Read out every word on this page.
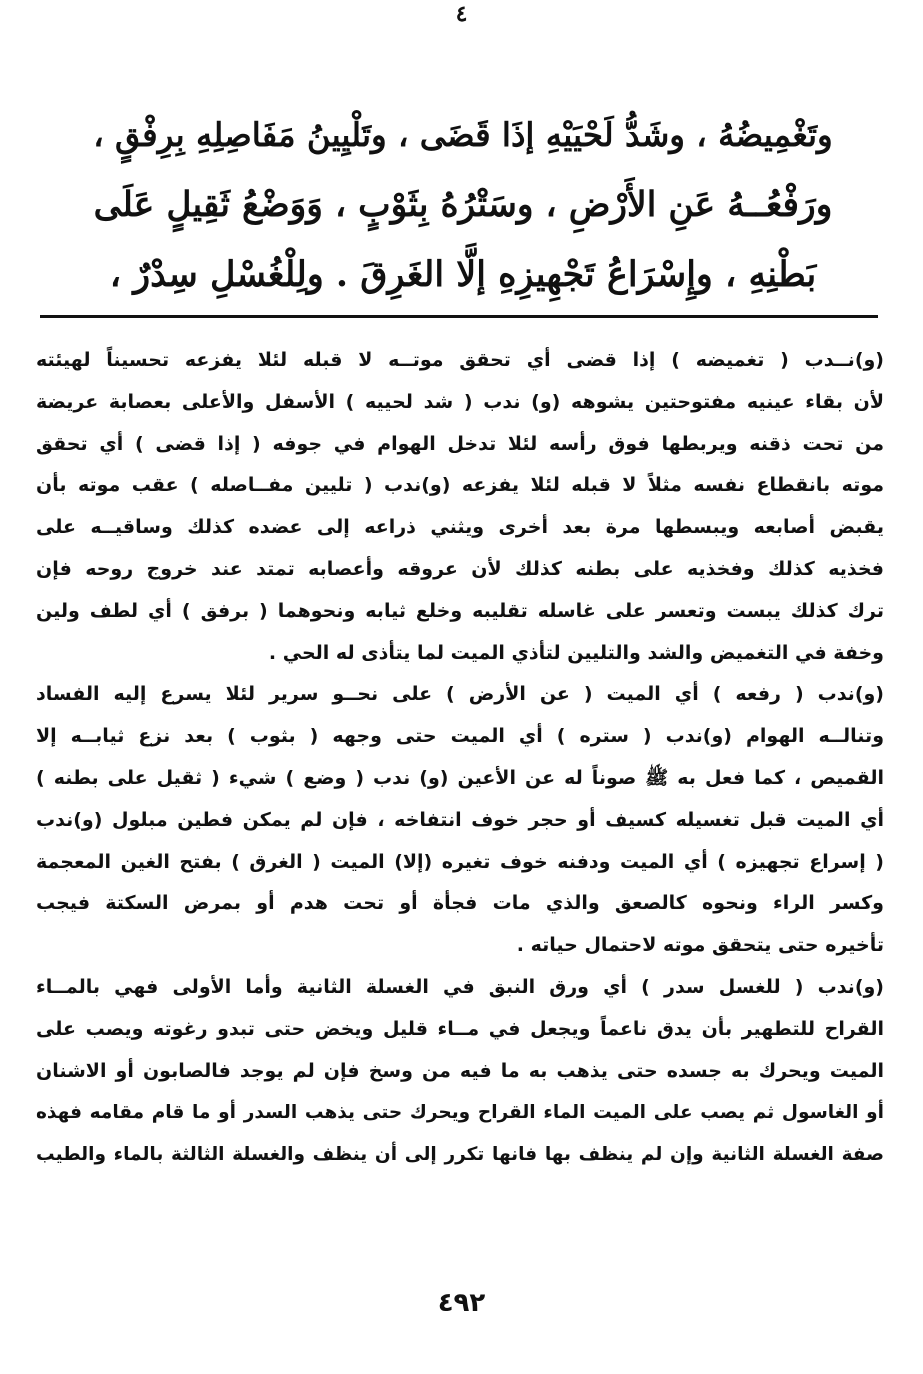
٤
وتَغْمِيضُهُ ، وشَدُّ لَحْيَيْهِ إذَا قَضَى ، وتَلْيِينُ مَفَاصِلِهِ بِرِفْقٍ ،
ورَفْعُــهُ عَنِ الأَرْضِ ، وسَتْرُهُ بِثَوْبٍ ، وَوَضْعُ ثَقِيلٍ عَلَى
بَطْنِهِ ، وإِسْرَاعُ تَجْهِيزِهِ إلَّا الغَرِقَ . ولِلْغُسْلِ سِدْرٌ ،
(و)نــدب ( تغميضه ) إذا قضى أي تحقق موتــه لا قبله لئلا يفزعه تحسيناً لهيئته
لأن بقاء عينيه مفتوحتين يشوهه (و) ندب ( شد لحييه ) الأسفل والأعلى بعصابة عريضة
من تحت ذقنه ويربطها فوق رأسه لئلا تدخل الهوام في جوفه ( إذا قضى ) أي تحقق
موته بانقطاع نفسه مثلاً لا قبله لئلا يفزعه (و)ندب ( تليين مفــاصله ) عقب موته بأن
يقبض أصابعه ويبسطها مرة بعد أخرى ويثني ذراعه إلى عضده كذلك وساقيــه على
فخذيه كذلك وفخذيه على بطنه كذلك لأن عروقه وأعصابه تمتد عند خروج روحه فإن
ترك كذلك يبست وتعسر على غاسله تقليبه وخلع ثيابه ونحوهما ( برفق ) أي لطف ولين
وخفة في التغميض والشد والتليين لتأذي الميت لما يتأذى له الحي .
(و)ندب ( رفعه ) أي الميت ( عن الأرض ) على نحــو سرير لئلا يسرع إليه الفساد
وتنالــه الهوام (و)ندب ( ستره ) أي الميت حتى وجهه ( بثوب ) بعد نزع ثيابــه إلا
القميص ، كما فعل به ﷺ صوناً له عن الأعين (و) ندب ( وضع ) شيء ( ثقيل على بطنه )
أي الميت قبل تغسيله كسيف أو حجر خوف انتفاخه ، فإن لم يمكن فطين مبلول (و)ندب
( إسراع تجهيزه ) أي الميت ودفنه خوف تغيره (إلا) الميت ( الغرق ) بفتح الغين المعجمة
وكسر الراء ونحوه كالصعق والذي مات فجأة أو تحت هدم أو بمرض السكتة فيجب
تأخيره حتى يتحقق موته لاحتمال حياته .
(و)ندب ( للغسل سدر ) أي ورق النبق في الغسلة الثانية وأما الأولى فهي بالمــاء
القراح للتطهير بأن يدق ناعماً ويجعل في مــاء قليل ويخض حتى تبدو رغوته ويصب على
الميت ويحرك به جسده حتى يذهب به ما فيه من وسخ فإن لم يوجد فالصابون أو الاشنان
أو الغاسول ثم يصب على الميت الماء القراح ويحرك حتى يذهب السدر أو ما قام مقامه فهذه
صفة الغسلة الثانية وإن لم ينظف بها فانها تكرر إلى أن ينظف والغسلة الثالثة بالماء والطيب
٤٩٢
